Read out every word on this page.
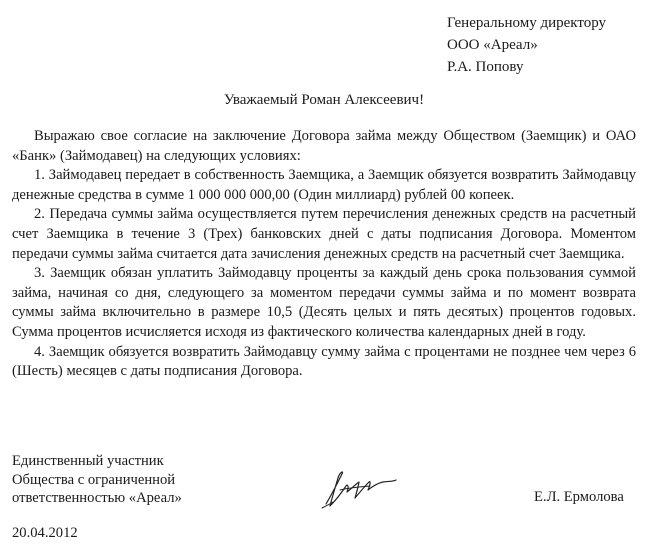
Генеральному директору
ООО «Ареал»
Р.А. Попову
Уважаемый Роман Алексеевич!

Выражаю свое согласие на заключение Договора займа между Обществом (Заемщик) и ОАО «Банк» (Займодавец) на следующих условиях:

1. Займодавец передает в собственность Заемщика, а Заемщик обязуется возвратить Займодавцу денежные средства в сумме 1 000 000 000,00 (Один миллиард) рублей 00 копеек.

2. Передача суммы займа осуществляется путем перечисления денежных средств на расчетный счет Заемщика в течение 3 (Трех) банковских дней с даты подписания Договора. Моментом передачи суммы займа считается дата зачисления денежных средств на расчетный счет Заемщика.

3. Заемщик обязан уплатить Займодавцу проценты за каждый день срока пользования суммой займа, начиная со дня, следующего за моментом передачи суммы займа и по момент возврата суммы займа включительно в размере 10,5 (Десять целых и пять десятых) процентов годовых. Сумма процентов исчисляется исходя из фактического количества календарных дней в году.

4. Заемщик обязуется возвратить Займодавцу сумму займа с процентами не позднее чем через 6 (Шесть) месяцев с даты подписания Договора.

Единственный участник
Общества с ограниченной
ответственностью «Ареал»	Е.Л. Ермолова
20.04.2012
